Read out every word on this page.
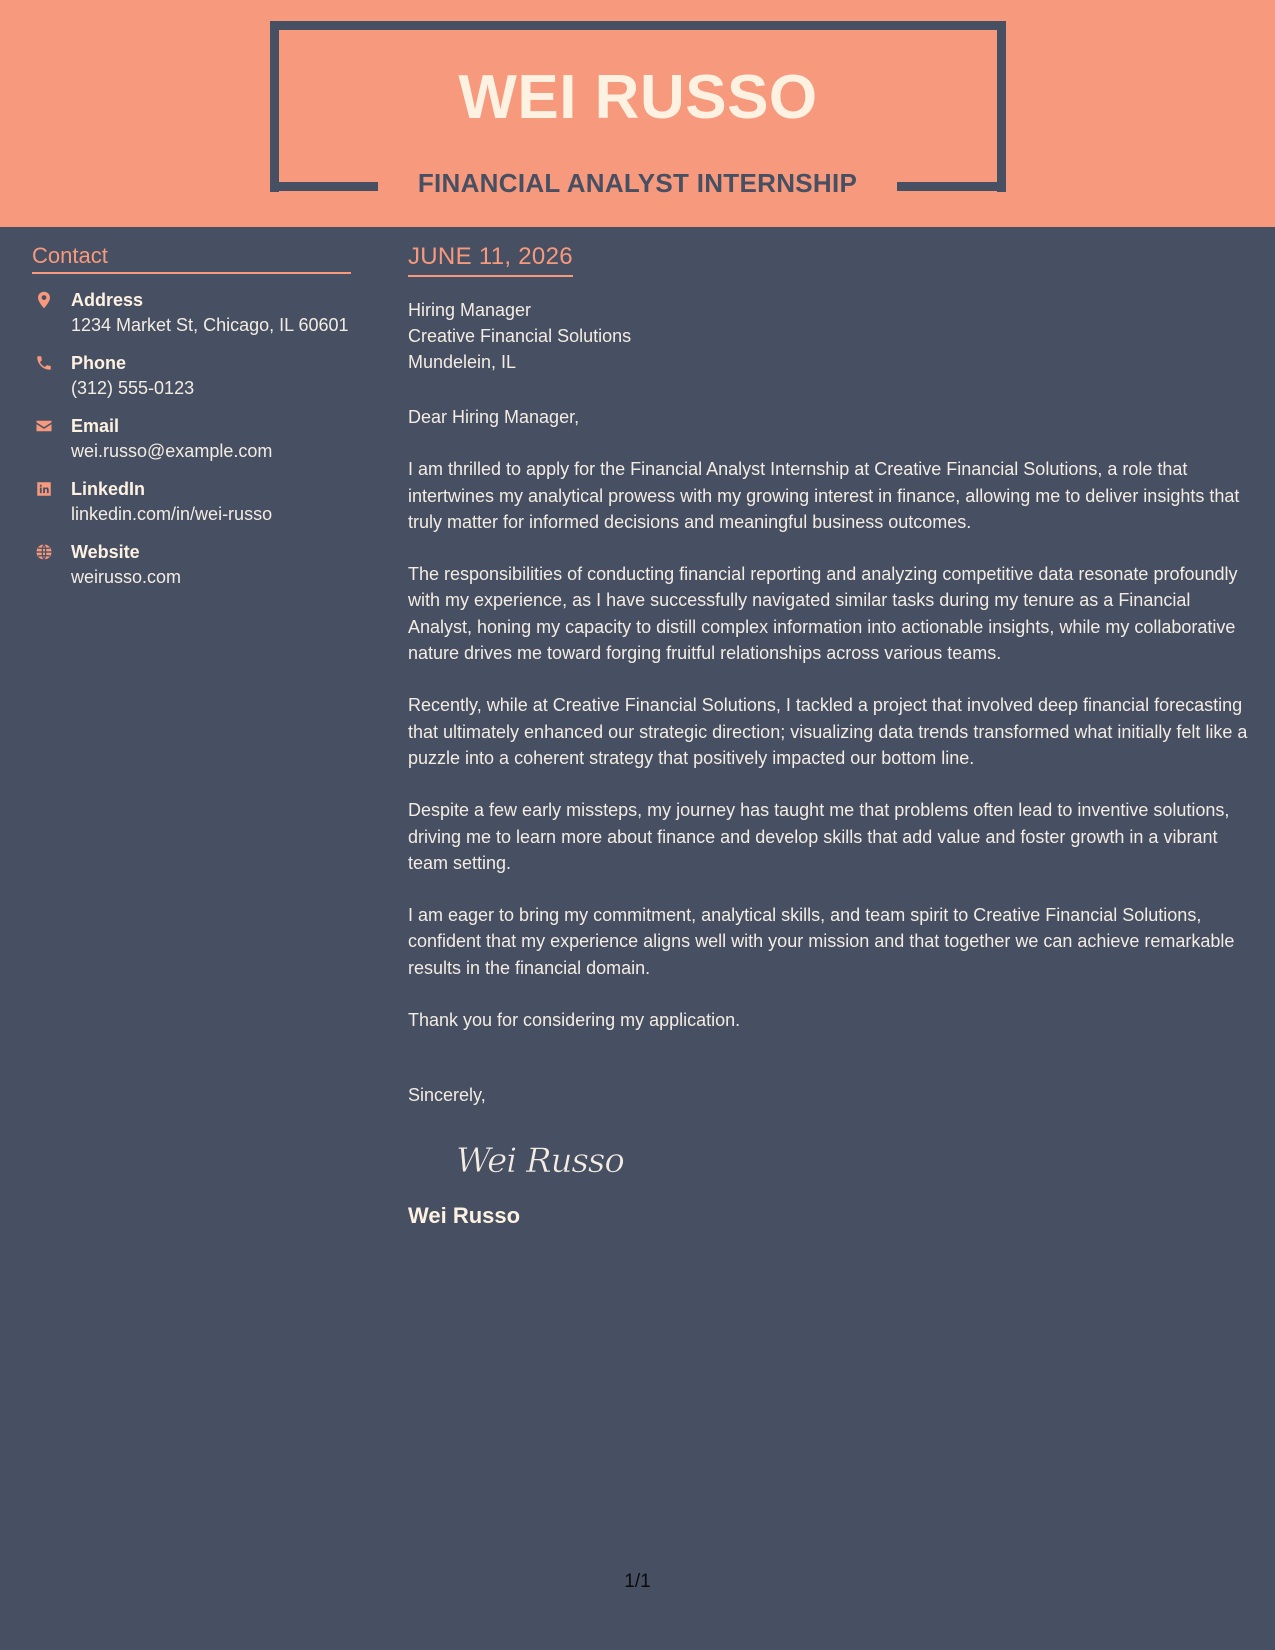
WEI RUSSO
FINANCIAL ANALYST INTERNSHIP
Contact
Address
1234 Market St, Chicago, IL 60601
Phone
(312) 555-0123
Email
wei.russo@example.com
LinkedIn
linkedin.com/in/wei-russo
Website
weirusso.com
JUNE 11, 2026
Hiring Manager
Creative Financial Solutions
Mundelein, IL
Dear Hiring Manager,
I am thrilled to apply for the Financial Analyst Internship at Creative Financial Solutions, a role that intertwines my analytical prowess with my growing interest in finance, allowing me to deliver insights that truly matter for informed decisions and meaningful business outcomes.
The responsibilities of conducting financial reporting and analyzing competitive data resonate profoundly with my experience, as I have successfully navigated similar tasks during my tenure as a Financial Analyst, honing my capacity to distill complex information into actionable insights, while my collaborative nature drives me toward forging fruitful relationships across various teams.
Recently, while at Creative Financial Solutions, I tackled a project that involved deep financial forecasting that ultimately enhanced our strategic direction; visualizing data trends transformed what initially felt like a puzzle into a coherent strategy that positively impacted our bottom line.
Despite a few early missteps, my journey has taught me that problems often lead to inventive solutions, driving me to learn more about finance and develop skills that add value and foster growth in a vibrant team setting.
I am eager to bring my commitment, analytical skills, and team spirit to Creative Financial Solutions, confident that my experience aligns well with your mission and that together we can achieve remarkable results in the financial domain.
Thank you for considering my application.
Sincerely,
Wei Russo
Wei Russo
1/1
